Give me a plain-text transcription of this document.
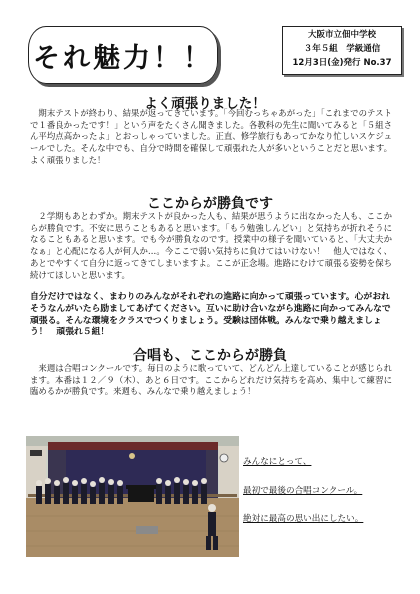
それ魅力！！
大阪市立佃中学校
３年５組　学級通信
12月3日(金)発行 No.37
よく頑張りました！

期末テストが終わり、結果が返ってきています。「今回むっちゃあがった」「これまでのテストで１番良かったです！」という声をたくさん聞きました。各教科の先生に聞いてみると「５組さん平均点高かったよ」とおっしゃっていました。正直、修学旅行もあってかなり忙しいスケジュールでした。そんな中でも、自分で時間を確保して頑張れた人が多いということだと思います。よく頑張りました！

ここからが勝負です

２学期もあとわずか。期末テストが良かった人も、結果が思うように出なかった人も、ここからが勝負です。不安に思うこともあると思います。「もう勉強しんどい」と気持ちが折れそうになることもあると思います。でも今が勝負なのです。授業中の様子を聞いていると、「大丈夫かなぁ」と心配になる人が何人か…。今ここで弱い気持ちに負けてはいけない！　他人ではなく、あとでやすくて自分に返ってきてしまいますよ。ここが正念場。進路にむけて頑張る姿勢を保ち続けてほしいと思います。

自分だけではなく、まわりのみんながそれぞれの進路に向かって頑張っています。心がおれそうなんがいたら励ましてあげてください。互いに助け合いながら進路に向かってみんなで頑張る。そんな環境をクラスでつくりましょう。受験は団体戦。みんなで乗り越えましょう！　頑張れ５組！
合唱も、ここからが勝負

来週は合唱コンクールです。毎日のように歌っていて、どんどん上達していることが感じられます。本番は１２／９（木）、あと６日です。ここからどれだけ気持ちを高め、集中して練習に臨めるかが勝負です。来週も、みんなで乗り越えましょう！

みんなにとって、
最初で最後の合唱コンクール。
絶対に最高の思い出にしたい。
